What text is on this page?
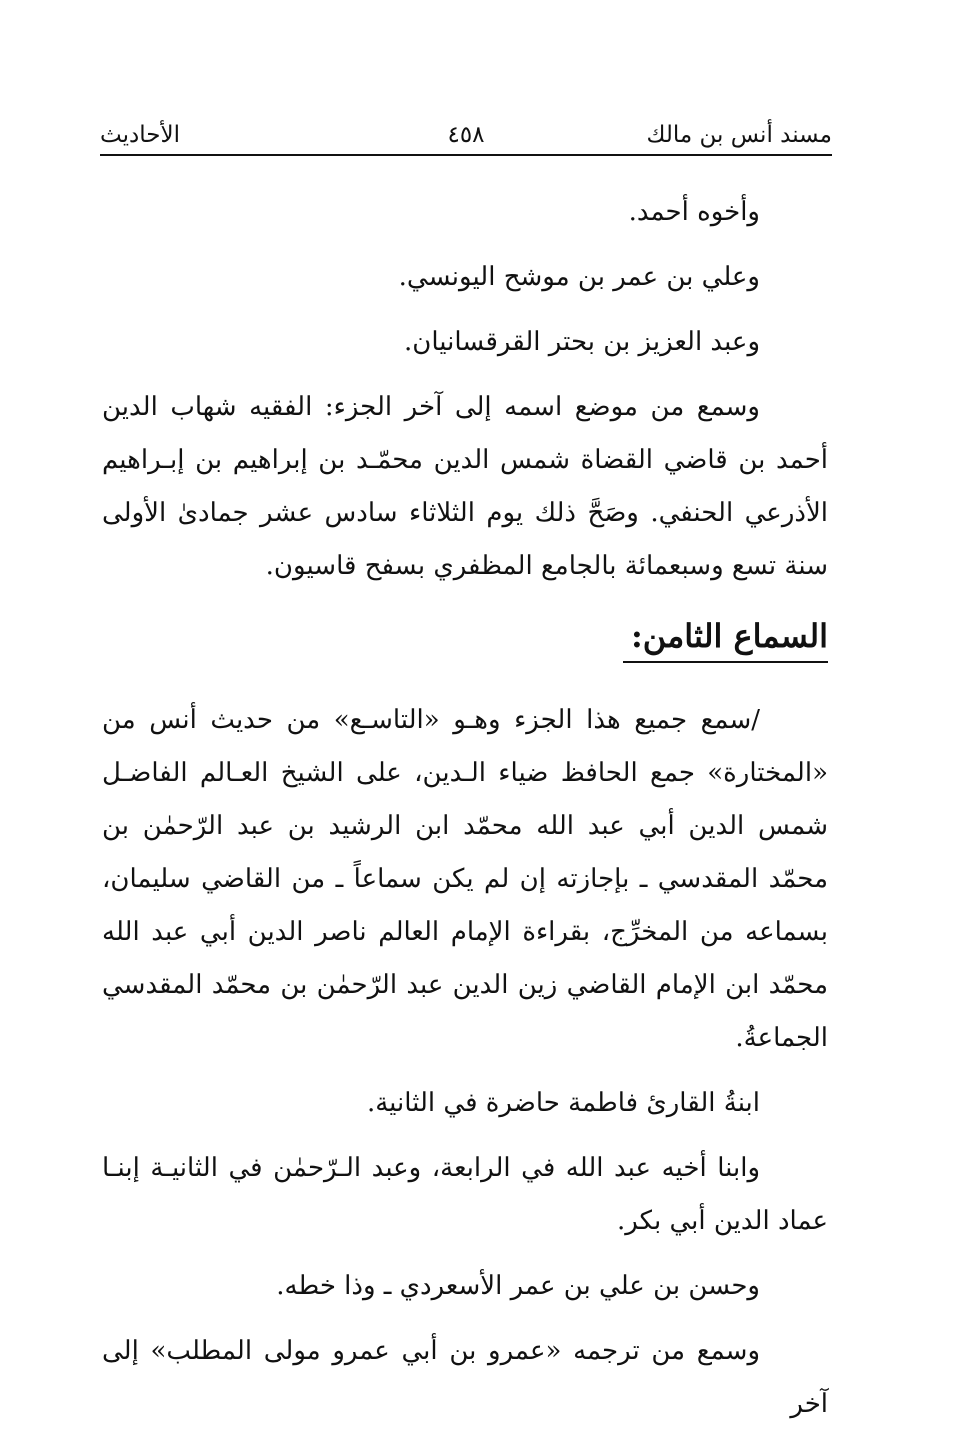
مسند أنس بن مالك
٤٥٨
الأحاديث

وأخوه أحمد.

وعلي بن عمر بن موشح اليونسي.

وعبد العزيز بن بحتر القرقسانيان.

وسمع من موضع اسمه إلى آخر الجزء: الفقيه شهاب الدين أحمد بن قاضي القضاة شمس الدين محمّـد بن إبراهيم بن إبـراهيم الأذرعي الحنفي. وصَحَّ ذلك يوم الثلاثاء سادس عشر جمادىٰ الأولى سنة تسع وسبعمائة بالجامع المظفري بسفح قاسيون.

السماع الثامن:

/سمع جميع هذا الجزء وهـو «التاسـع» من حديث أنس من «المختارة» جمع الحافظ ضياء الـدين، على الشيخ العـالم الفاضـل شمس الدين أبي عبد الله محمّد ابن الرشيد بن عبد الرّحمٰن بن محمّد المقدسي ـ بإجازته إن لم يكن سماعاً ـ من القاضي سليمان، بسماعه من المخرِّج، بقراءة الإمام العالم ناصر الدين أبي عبد الله محمّد ابن الإمام القاضي زين الدين عبد الرّحمٰن بن محمّد المقدسي الجماعةُ.

ابنةُ القارئ فاطمة حاضرة في الثانية.

وابنا أخيه عبد الله في الرابعة، وعبد الـرّحمٰن في الثانيـة إبنـا عماد الدين أبي بكر.

وحسن بن علي بن عمر الأسعردي ـ وذا خطه.

وسمع من ترجمه «عمرو بن أبي عمرو مولى المطلب» إلى آخر
